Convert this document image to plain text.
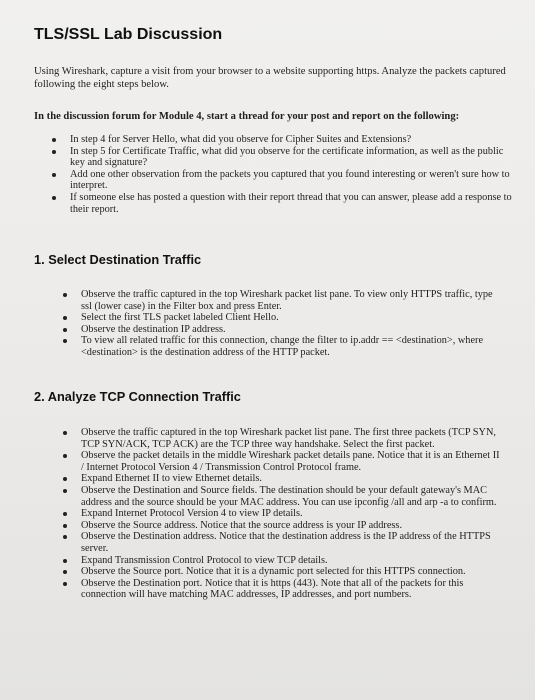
TLS/SSL Lab Discussion
Using Wireshark, capture a visit from your browser to a website supporting https. Analyze the packets captured following the eight steps below.
In the discussion forum for Module 4, start a thread for your post and report on the following:
In step 4 for Server Hello, what did you observe for Cipher Suites and Extensions?
In step 5 for Certificate Traffic, what did you observe for the certificate information, as well as the public key and signature?
Add one other observation from the packets you captured that you found interesting or weren't sure how to interpret.
If someone else has posted a question with their report thread that you can answer, please add a response to their report.
1. Select Destination Traffic
Observe the traffic captured in the top Wireshark packet list pane. To view only HTTPS traffic, type ssl (lower case) in the Filter box and press Enter.
Select the first TLS packet labeled Client Hello.
Observe the destination IP address.
To view all related traffic for this connection, change the filter to ip.addr == <destination>, where <destination> is the destination address of the HTTP packet.
2. Analyze TCP Connection Traffic
Observe the traffic captured in the top Wireshark packet list pane. The first three packets (TCP SYN, TCP SYN/ACK, TCP ACK) are the TCP three way handshake. Select the first packet.
Observe the packet details in the middle Wireshark packet details pane. Notice that it is an Ethernet II / Internet Protocol Version 4 / Transmission Control Protocol frame.
Expand Ethernet II to view Ethernet details.
Observe the Destination and Source fields. The destination should be your default gateway's MAC address and the source should be your MAC address. You can use ipconfig /all and arp -a to confirm.
Expand Internet Protocol Version 4 to view IP details.
Observe the Source address. Notice that the source address is your IP address.
Observe the Destination address. Notice that the destination address is the IP address of the HTTPS server.
Expand Transmission Control Protocol to view TCP details.
Observe the Source port. Notice that it is a dynamic port selected for this HTTPS connection.
Observe the Destination port. Notice that it is https (443). Note that all of the packets for this connection will have matching MAC addresses, IP addresses, and port numbers.
